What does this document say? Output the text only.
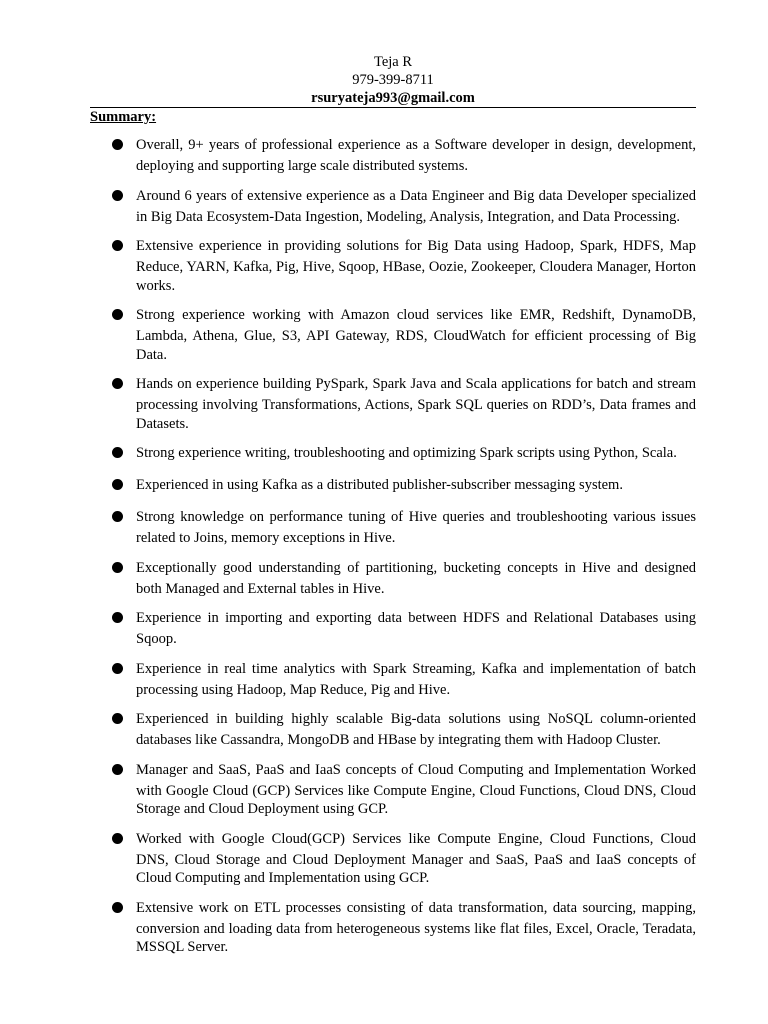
Teja R
979-399-8711
rsuryateja993@gmail.com
Summary:
Overall, 9+ years of professional experience as a Software developer in design, development, deploying and supporting large scale distributed systems.
Around 6 years of extensive experience as a Data Engineer and Big data Developer specialized in Big Data Ecosystem-Data Ingestion, Modeling, Analysis, Integration, and Data Processing.
Extensive experience in providing solutions for Big Data using Hadoop, Spark, HDFS, Map Reduce, YARN, Kafka, Pig, Hive, Sqoop, HBase, Oozie, Zookeeper, Cloudera Manager, Horton works.
Strong experience working with Amazon cloud services like EMR, Redshift, DynamoDB, Lambda, Athena, Glue, S3, API Gateway, RDS, CloudWatch for efficient processing of Big Data.
Hands on experience building PySpark, Spark Java and Scala applications for batch and stream processing involving Transformations, Actions, Spark SQL queries on RDD’s, Data frames and Datasets.
Strong experience writing, troubleshooting and optimizing Spark scripts using Python, Scala.
Experienced in using Kafka as a distributed publisher-subscriber messaging system.
Strong knowledge on performance tuning of Hive queries and troubleshooting various issues related to Joins, memory exceptions in Hive.
Exceptionally good understanding of partitioning, bucketing concepts in Hive and designed both Managed and External tables in Hive.
Experience in importing and exporting data between HDFS and Relational Databases using Sqoop.
Experience in real time analytics with Spark Streaming, Kafka and implementation of batch processing using Hadoop, Map Reduce, Pig and Hive.
Experienced in building highly scalable Big-data solutions using NoSQL column-oriented databases like Cassandra, MongoDB and HBase by integrating them with Hadoop Cluster.
Manager and SaaS, PaaS and IaaS concepts of Cloud Computing and Implementation Worked with Google Cloud (GCP) Services like Compute Engine, Cloud Functions, Cloud DNS, Cloud Storage and Cloud Deployment using GCP.
Worked with Google Cloud(GCP) Services like Compute Engine, Cloud Functions, Cloud DNS, Cloud Storage and Cloud Deployment Manager and SaaS, PaaS and IaaS concepts of Cloud Computing and Implementation using GCP.
Extensive work on ETL processes consisting of data transformation, data sourcing, mapping, conversion and loading data from heterogeneous systems like flat files, Excel, Oracle, Teradata, MSSQL Server.
